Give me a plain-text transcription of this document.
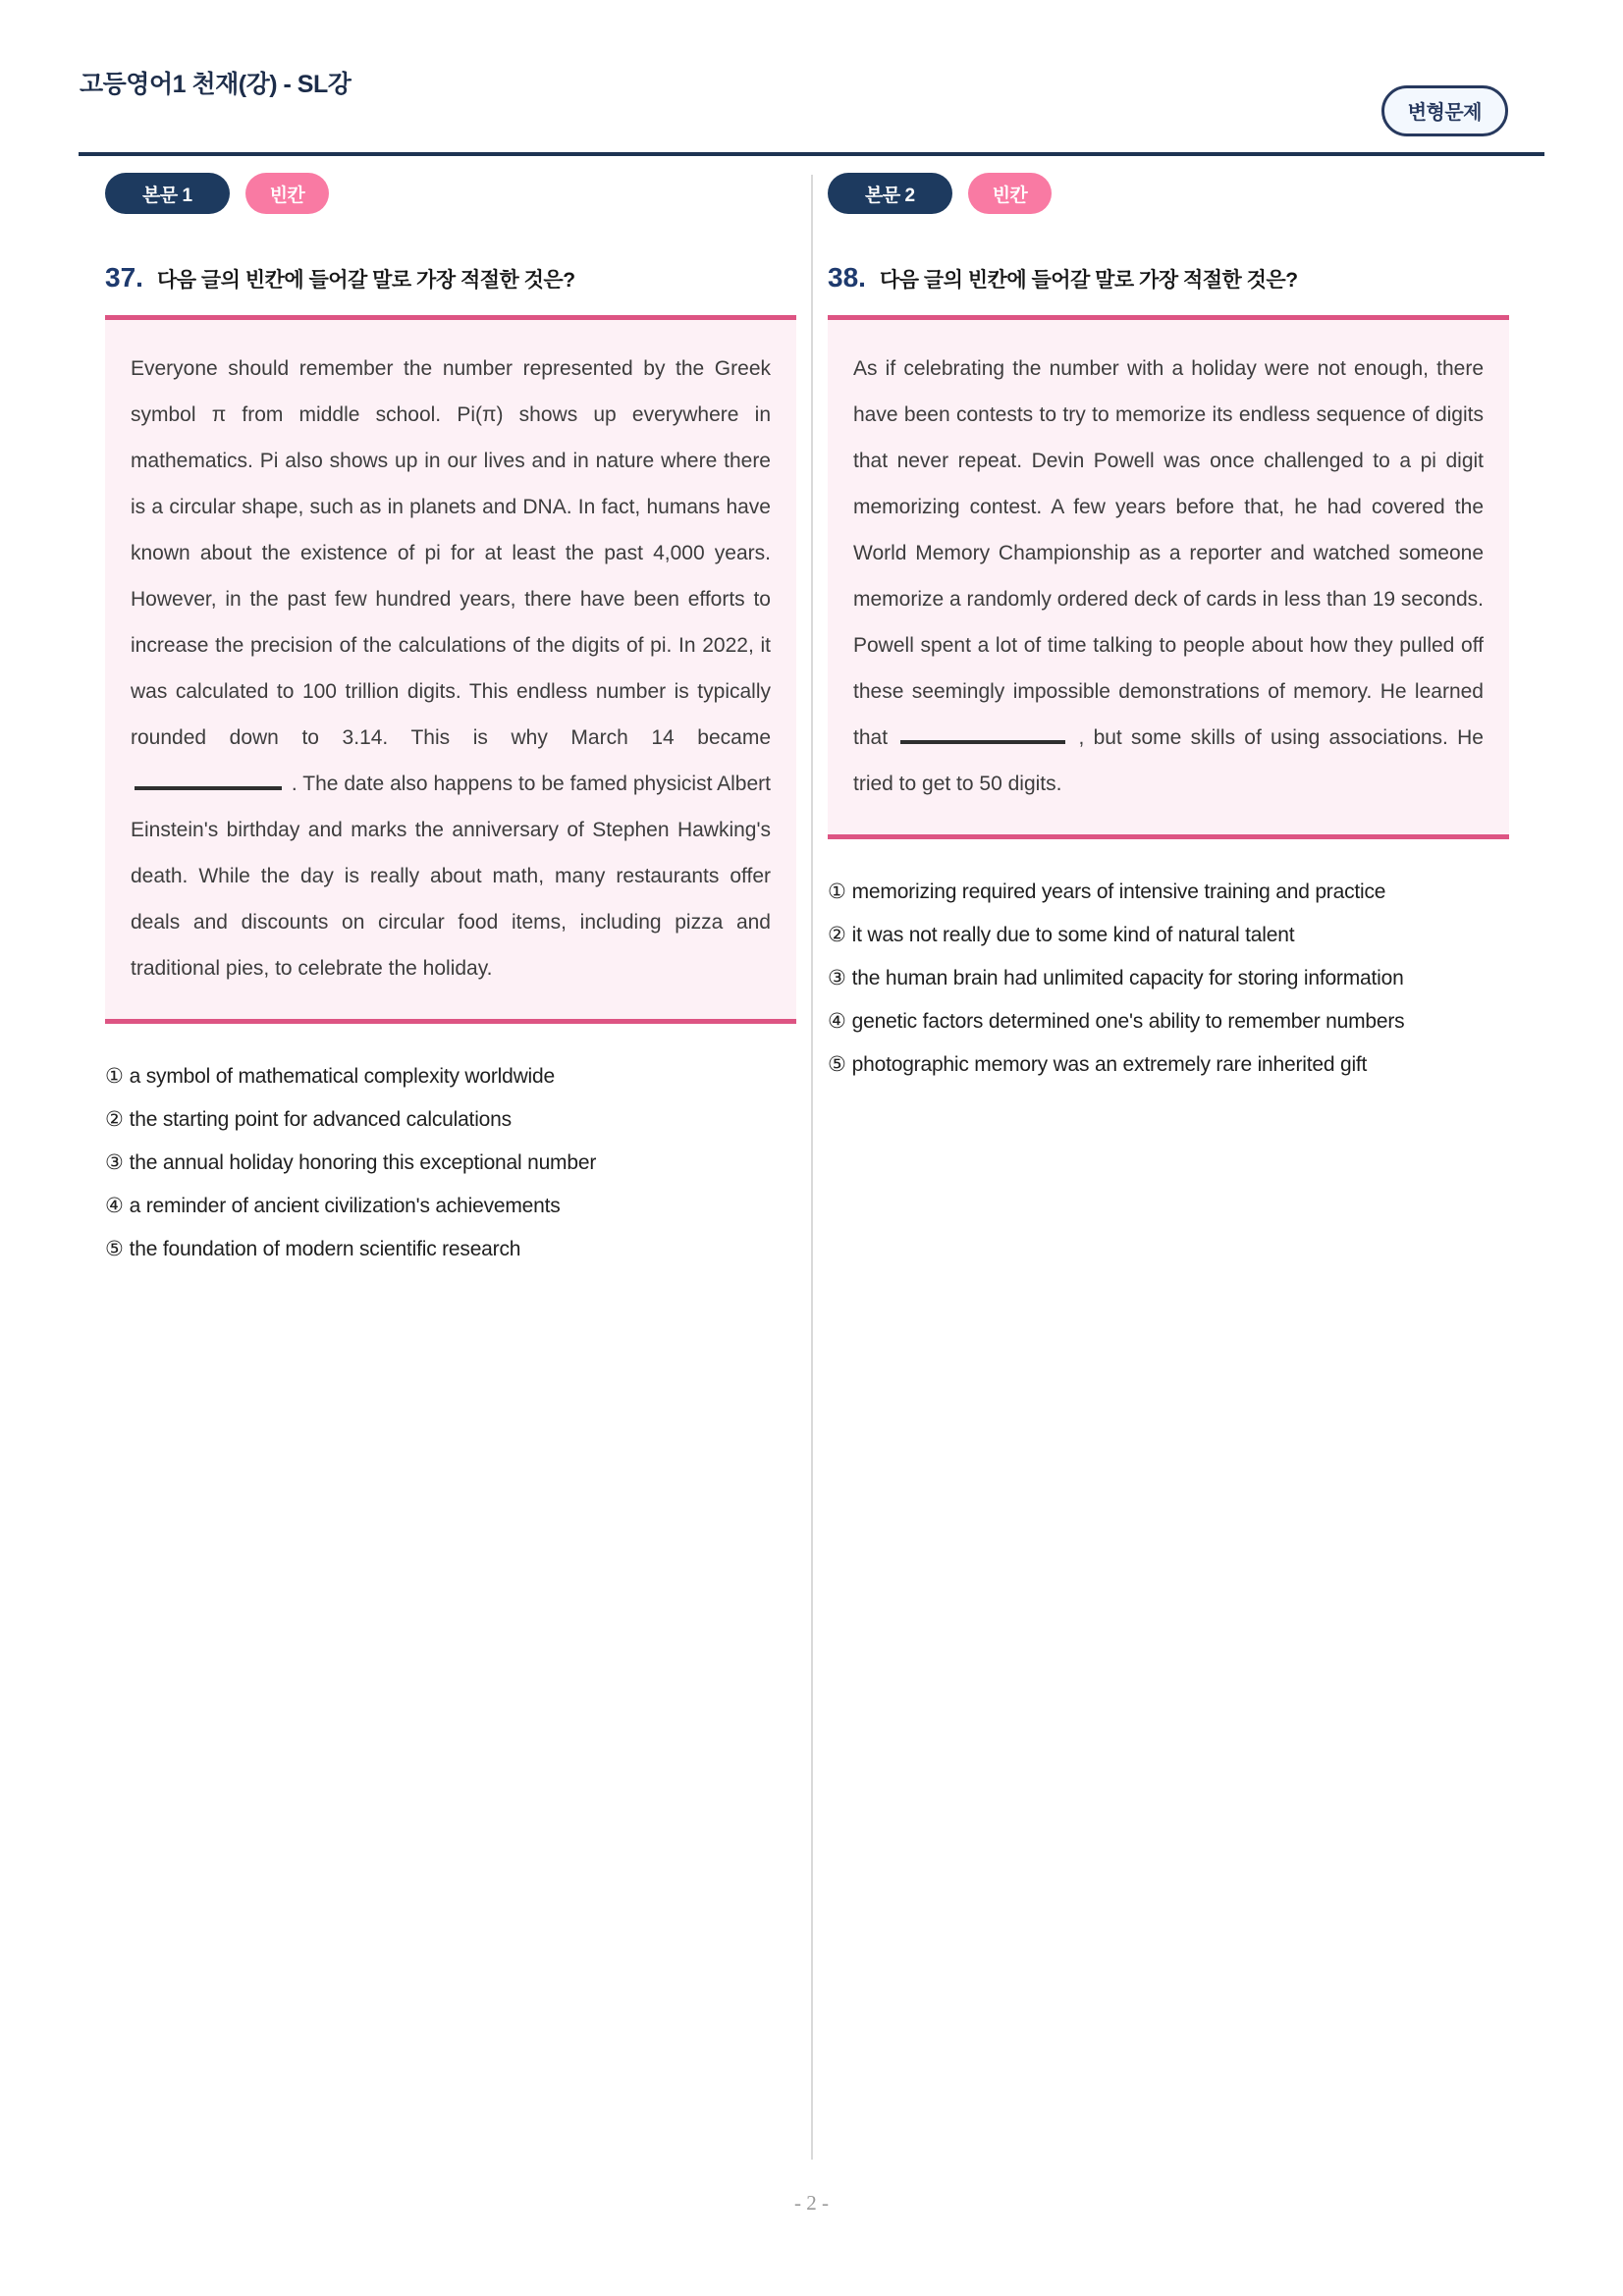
고등영어1 천재(강) - SL강
변형문제
본문 1	빈칸
37. 다음 글의 빈칸에 들어갈 말로 가장 적절한 것은?
Everyone should remember the number represented by the Greek symbol π from middle school. Pi(π) shows up everywhere in mathematics. Pi also shows up in our lives and in nature where there is a circular shape, such as in planets and DNA. In fact, humans have known about the existence of pi for at least the past 4,000 years. However, in the past few hundred years, there have been efforts to increase the precision of the calculations of the digits of pi. In 2022, it was calculated to 100 trillion digits. This endless number is typically rounded down to 3.14. This is why March 14 became  . The date also happens to be famed physicist Albert Einstein's birthday and marks the anniversary of Stephen Hawking's death. While the day is really about math, many restaurants offer deals and discounts on circular food items, including pizza and traditional pies, to celebrate the holiday.
① a symbol of mathematical complexity worldwide
② the starting point for advanced calculations
③ the annual holiday honoring this exceptional number
④ a reminder of ancient civilization's achievements
⑤ the foundation of modern scientific research
본문 2	빈칸
38. 다음 글의 빈칸에 들어갈 말로 가장 적절한 것은?
As if celebrating the number with a holiday were not enough, there have been contests to try to memorize its endless sequence of digits that never repeat. Devin Powell was once challenged to a pi digit memorizing contest. A few years before that, he had covered the World Memory Championship as a reporter and watched someone memorize a randomly ordered deck of cards in less than 19 seconds. Powell spent a lot of time talking to people about how they pulled off these seemingly impossible demonstrations of memory. He learned that	, but some skills of using associations. He tried to get to 50 digits.
① memorizing required years of intensive training and practice
② it was not really due to some kind of natural talent
③ the human brain had unlimited capacity for storing information
④ genetic factors determined one's ability to remember numbers
⑤ photographic memory was an extremely rare inherited gift
- 2 -
